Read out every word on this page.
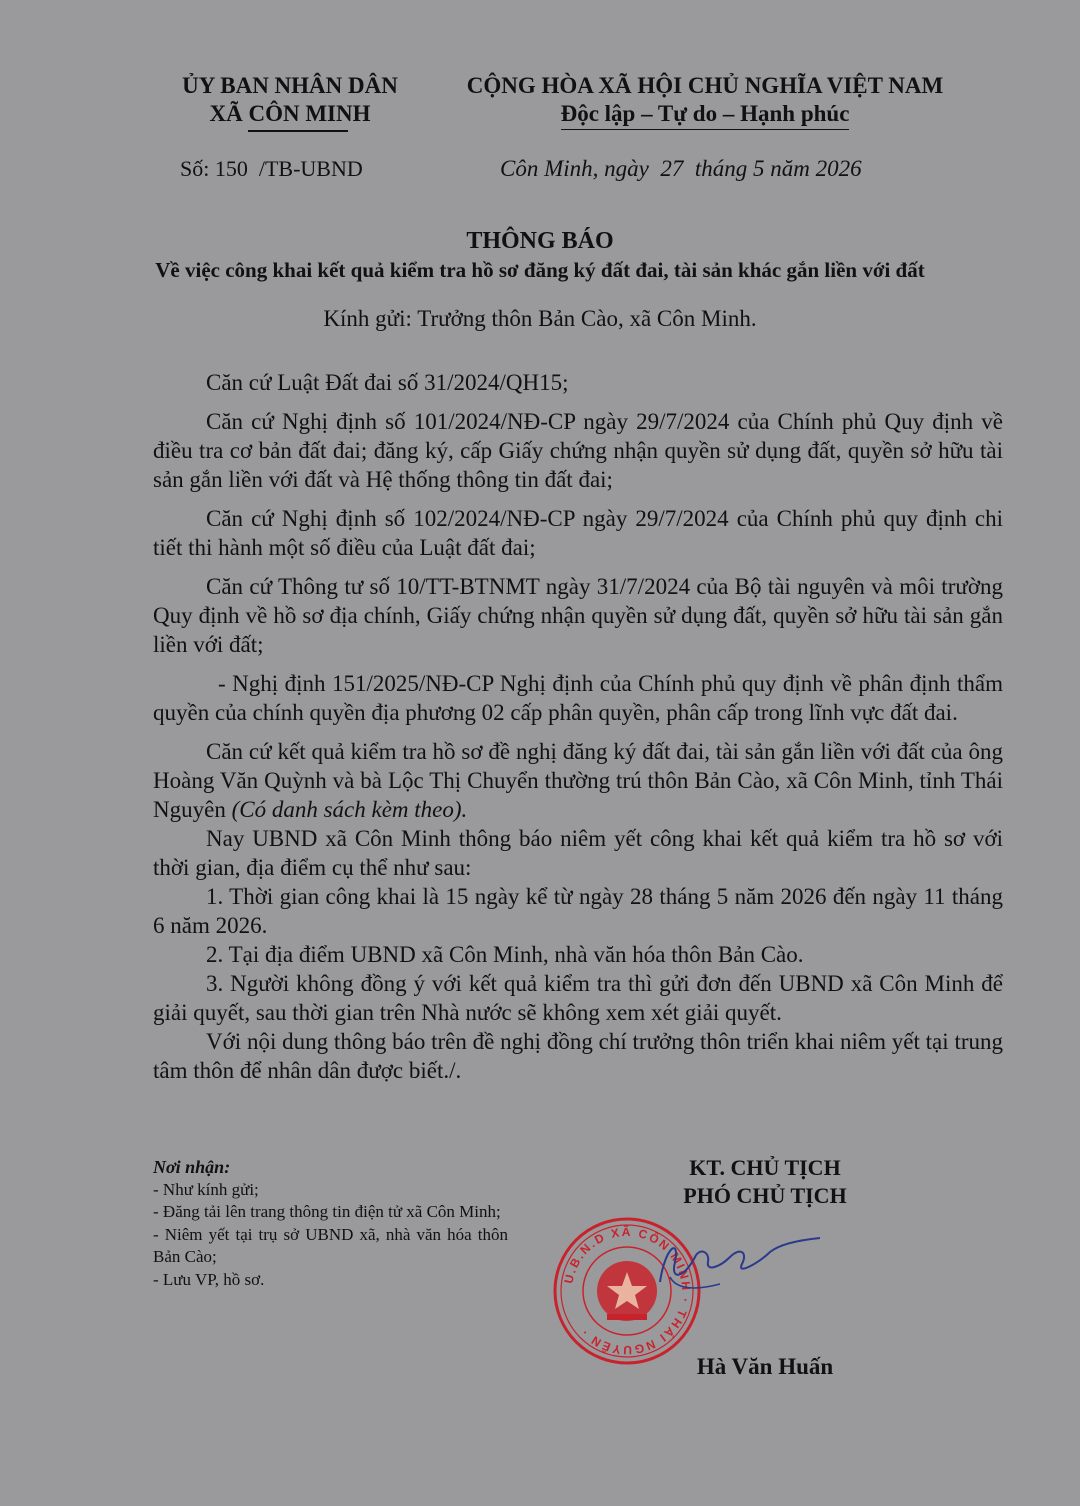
ỦY BAN NHÂN DÂN
XÃ CÔN MINH
CỘNG HÒA XÃ HỘI CHỦ NGHĨA VIỆT NAM
Độc lập – Tự do – Hạnh phúc
Số: 150  /TB-UBND	Côn Minh, ngày  27  tháng 5 năm 2026
THÔNG BÁO
Về việc công khai kết quả kiểm tra hồ sơ đăng ký đất đai, tài sản khác gắn liền với đất
Kính gửi: Trưởng thôn Bản Cào, xã Côn Minh.

Căn cứ Luật Đất đai số 31/2024/QH15;

Căn cứ Nghị định số 101/2024/NĐ-CP ngày 29/7/2024 của Chính phủ Quy định về điều tra cơ bản đất đai; đăng ký, cấp Giấy chứng nhận quyền sử dụng đất, quyền sở hữu tài sản gắn liền với đất và Hệ thống thông tin đất đai;

Căn cứ Nghị định số 102/2024/NĐ-CP ngày 29/7/2024 của Chính phủ quy định chi tiết thi hành một số điều của Luật đất đai;

Căn cứ Thông tư số 10/TT-BTNMT ngày 31/7/2024 của Bộ tài nguyên và môi trường Quy định về hồ sơ địa chính, Giấy chứng nhận quyền sử dụng đất, quyền sở hữu tài sản gắn liền với đất;

- Nghị định 151/2025/NĐ-CP Nghị định của Chính phủ quy định về phân định thẩm quyền của chính quyền địa phương 02 cấp phân quyền, phân cấp trong lĩnh vực đất đai.

Căn cứ kết quả kiểm tra hồ sơ đề nghị đăng ký đất đai, tài sản gắn liền với đất của ông Hoàng Văn Quỳnh và bà Lộc Thị Chuyển thường trú thôn Bản Cào, xã Côn Minh, tỉnh Thái Nguyên (Có danh sách kèm theo).

Nay UBND xã Côn Minh thông báo niêm yết công khai kết quả kiểm tra hồ sơ với thời gian, địa điểm cụ thể như sau:

1. Thời gian công khai là 15 ngày kể từ ngày 28 tháng 5 năm 2026 đến ngày 11 tháng 6 năm 2026.

2. Tại địa điểm UBND xã Côn Minh, nhà văn hóa thôn Bản Cào.

3. Người không đồng ý với kết quả kiểm tra thì gửi đơn đến UBND xã Côn Minh để giải quyết, sau thời gian trên Nhà nước sẽ không xem xét giải quyết.

Với nội dung thông báo trên đề nghị đồng chí trưởng thôn triển khai niêm yết tại trung tâm thôn để nhân dân được biết./.

Nơi nhận:
- Như kính gửi;
- Đăng tải lên trang thông tin điện tử xã Côn Minh;
- Niêm yết tại trụ sở UBND xã, nhà văn hóa thôn Bản Cào;
- Lưu VP, hồ sơ.
KT. CHỦ TỊCH
PHÓ CHỦ TỊCH
U.B.N.D XÃ CÔN MINH · THÁI NGUYÊN ·
Hà Văn Huấn
